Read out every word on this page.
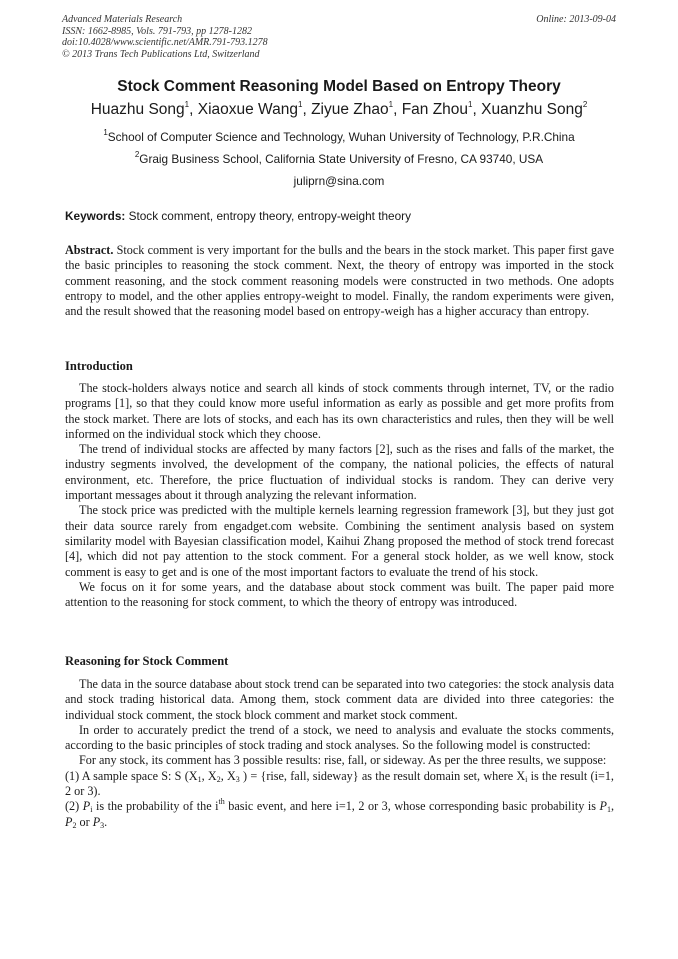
Advanced Materials Research
ISSN: 1662-8985, Vols. 791-793, pp 1278-1282
doi:10.4028/www.scientific.net/AMR.791-793.1278
© 2013 Trans Tech Publications Ltd, Switzerland
Online: 2013-09-04
Stock Comment Reasoning Model Based on Entropy Theory
Huazhu Song$^1$, Xiaoxue Wang$^1$, Ziyue Zhao$^1$, Fan Zhou$^1$, Xuanzhu Song$^2$
$^1$School of Computer Science and Technology, Wuhan University of Technology, P.R.China
$^2$Graig Business School, California State University of Fresno, CA 93740, USA
juliprn@sina.com
Keywords: Stock comment, entropy theory, entropy-weight theory

Abstract. Stock comment is very important for the bulls and the bears in the stock market. This paper first gave the basic principles to reasoning the stock comment. Next, the theory of entropy was imported in the stock comment reasoning, and the stock comment reasoning models were constructed in two methods. One adopts entropy to model, and the other applies entropy-weight to model. Finally, the random experiments were given, and the result showed that the reasoning model based on entropy-weigh has a higher accuracy than entropy.

Introduction

The stock-holders always notice and search all kinds of stock comments through internet, TV, or the radio programs [1], so that they could know more useful information as early as possible and get more profits from the stock market. There are lots of stocks, and each has its own characteristics and rules, then they will be well informed on the individual stock which they choose.

The trend of individual stocks are affected by many factors [2], such as the rises and falls of the market, the industry segments involved, the development of the company, the national policies, the effects of natural environment, etc. Therefore, the price fluctuation of individual stocks is random. They can derive very important messages about it through analyzing the relevant information.

The stock price was predicted with the multiple kernels learning regression framework [3], but they just got their data source rarely from engadget.com website. Combining the sentiment analysis based on system similarity model with Bayesian classification model, Kaihui Zhang proposed the method of stock trend forecast [4], which did not pay attention to the stock comment. For a general stock holder, as we well know, stock comment is easy to get and is one of the most important factors to evaluate the trend of his stock.

We focus on it for some years, and the database about stock comment was built. The paper paid more attention to the reasoning for stock comment, to which the theory of entropy was introduced.

Reasoning for Stock Comment

The data in the source database about stock trend can be separated into two categories: the stock analysis data and stock trading historical data. Among them, stock comment data are divided into three categories: the individual stock comment, the stock block comment and market stock comment.

In order to accurately predict the trend of a stock, we need to analysis and evaluate the stocks comments, according to the basic principles of stock trading and stock analyses. So the following model is constructed:

For any stock, its comment has 3 possible results: rise, fall, or sideway. As per the three results, we suppose:

(1) A sample space S: S ($X_1$, $X_2$, $X_3$ ) = {rise, fall, sideway} as the result domain set, where $X_i$ is the result (i=1, 2 or 3).

(2) $P_i$ is the probability of the $i^{th}$ basic event, and here i=1, 2 or 3, whose corresponding basic probability is $P_1$, $P_2$ or $P_3$.
